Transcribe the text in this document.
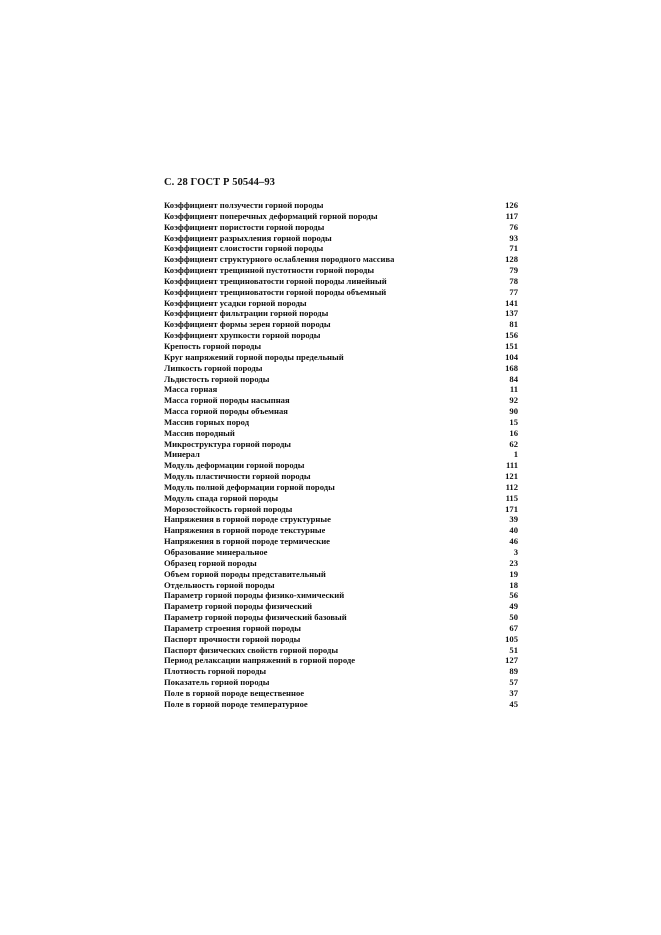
С. 28 ГОСТ Р 50544–93
Коэффициент ползучести горной породы	126
Коэффициент поперечных деформаций горной породы	117
Коэффициент пористости горной породы	76
Коэффициент разрыхления горной породы	93
Коэффициент слоистости горной породы	71
Коэффициент структурного ослабления породного массива	128
Коэффициент трещинной пустотности горной породы	79
Коэффициент трещиноватости горной породы линейный	78
Коэффициент трещиноватости горной породы объемный	77
Коэффициент усадки горной породы	141
Коэффициент фильтрации горной породы	137
Коэффициент формы зерен горной породы	81
Коэффициент хрупкости горной породы	156
Крепость горной породы	151
Круг напряжений горной породы предельный	104
Липкость горной породы	168
Льдистость горной породы	84
Масса горная	11
Масса горной породы насыпная	92
Масса горной породы объемная	90
Массив горных пород	15
Массив породный	16
Микроструктура горной породы	62
Минерал	1
Модуль деформации горной породы	111
Модуль пластичности горной породы	121
Модуль полной деформации горной породы	112
Модуль спада горной породы	115
Морозостойкость горной породы	171
Напряжения в горной породе структурные	39
Напряжения в горной породе текстурные	40
Напряжения в горной породе термические	46
Образование минеральное	3
Образец горной породы	23
Объем горной породы представительный	19
Отдельность горной породы	18
Параметр горной породы физико-химический	56
Параметр горной породы физический	49
Параметр горной породы физический базовый	50
Параметр строения горной породы	67
Паспорт прочности горной породы	105
Паспорт физических свойств горной породы	51
Период релаксации напряжений в горной породе	127
Плотность горной породы	89
Показатель горной породы	57
Поле в горной породе вещественное	37
Поле в горной породе температурное	45
